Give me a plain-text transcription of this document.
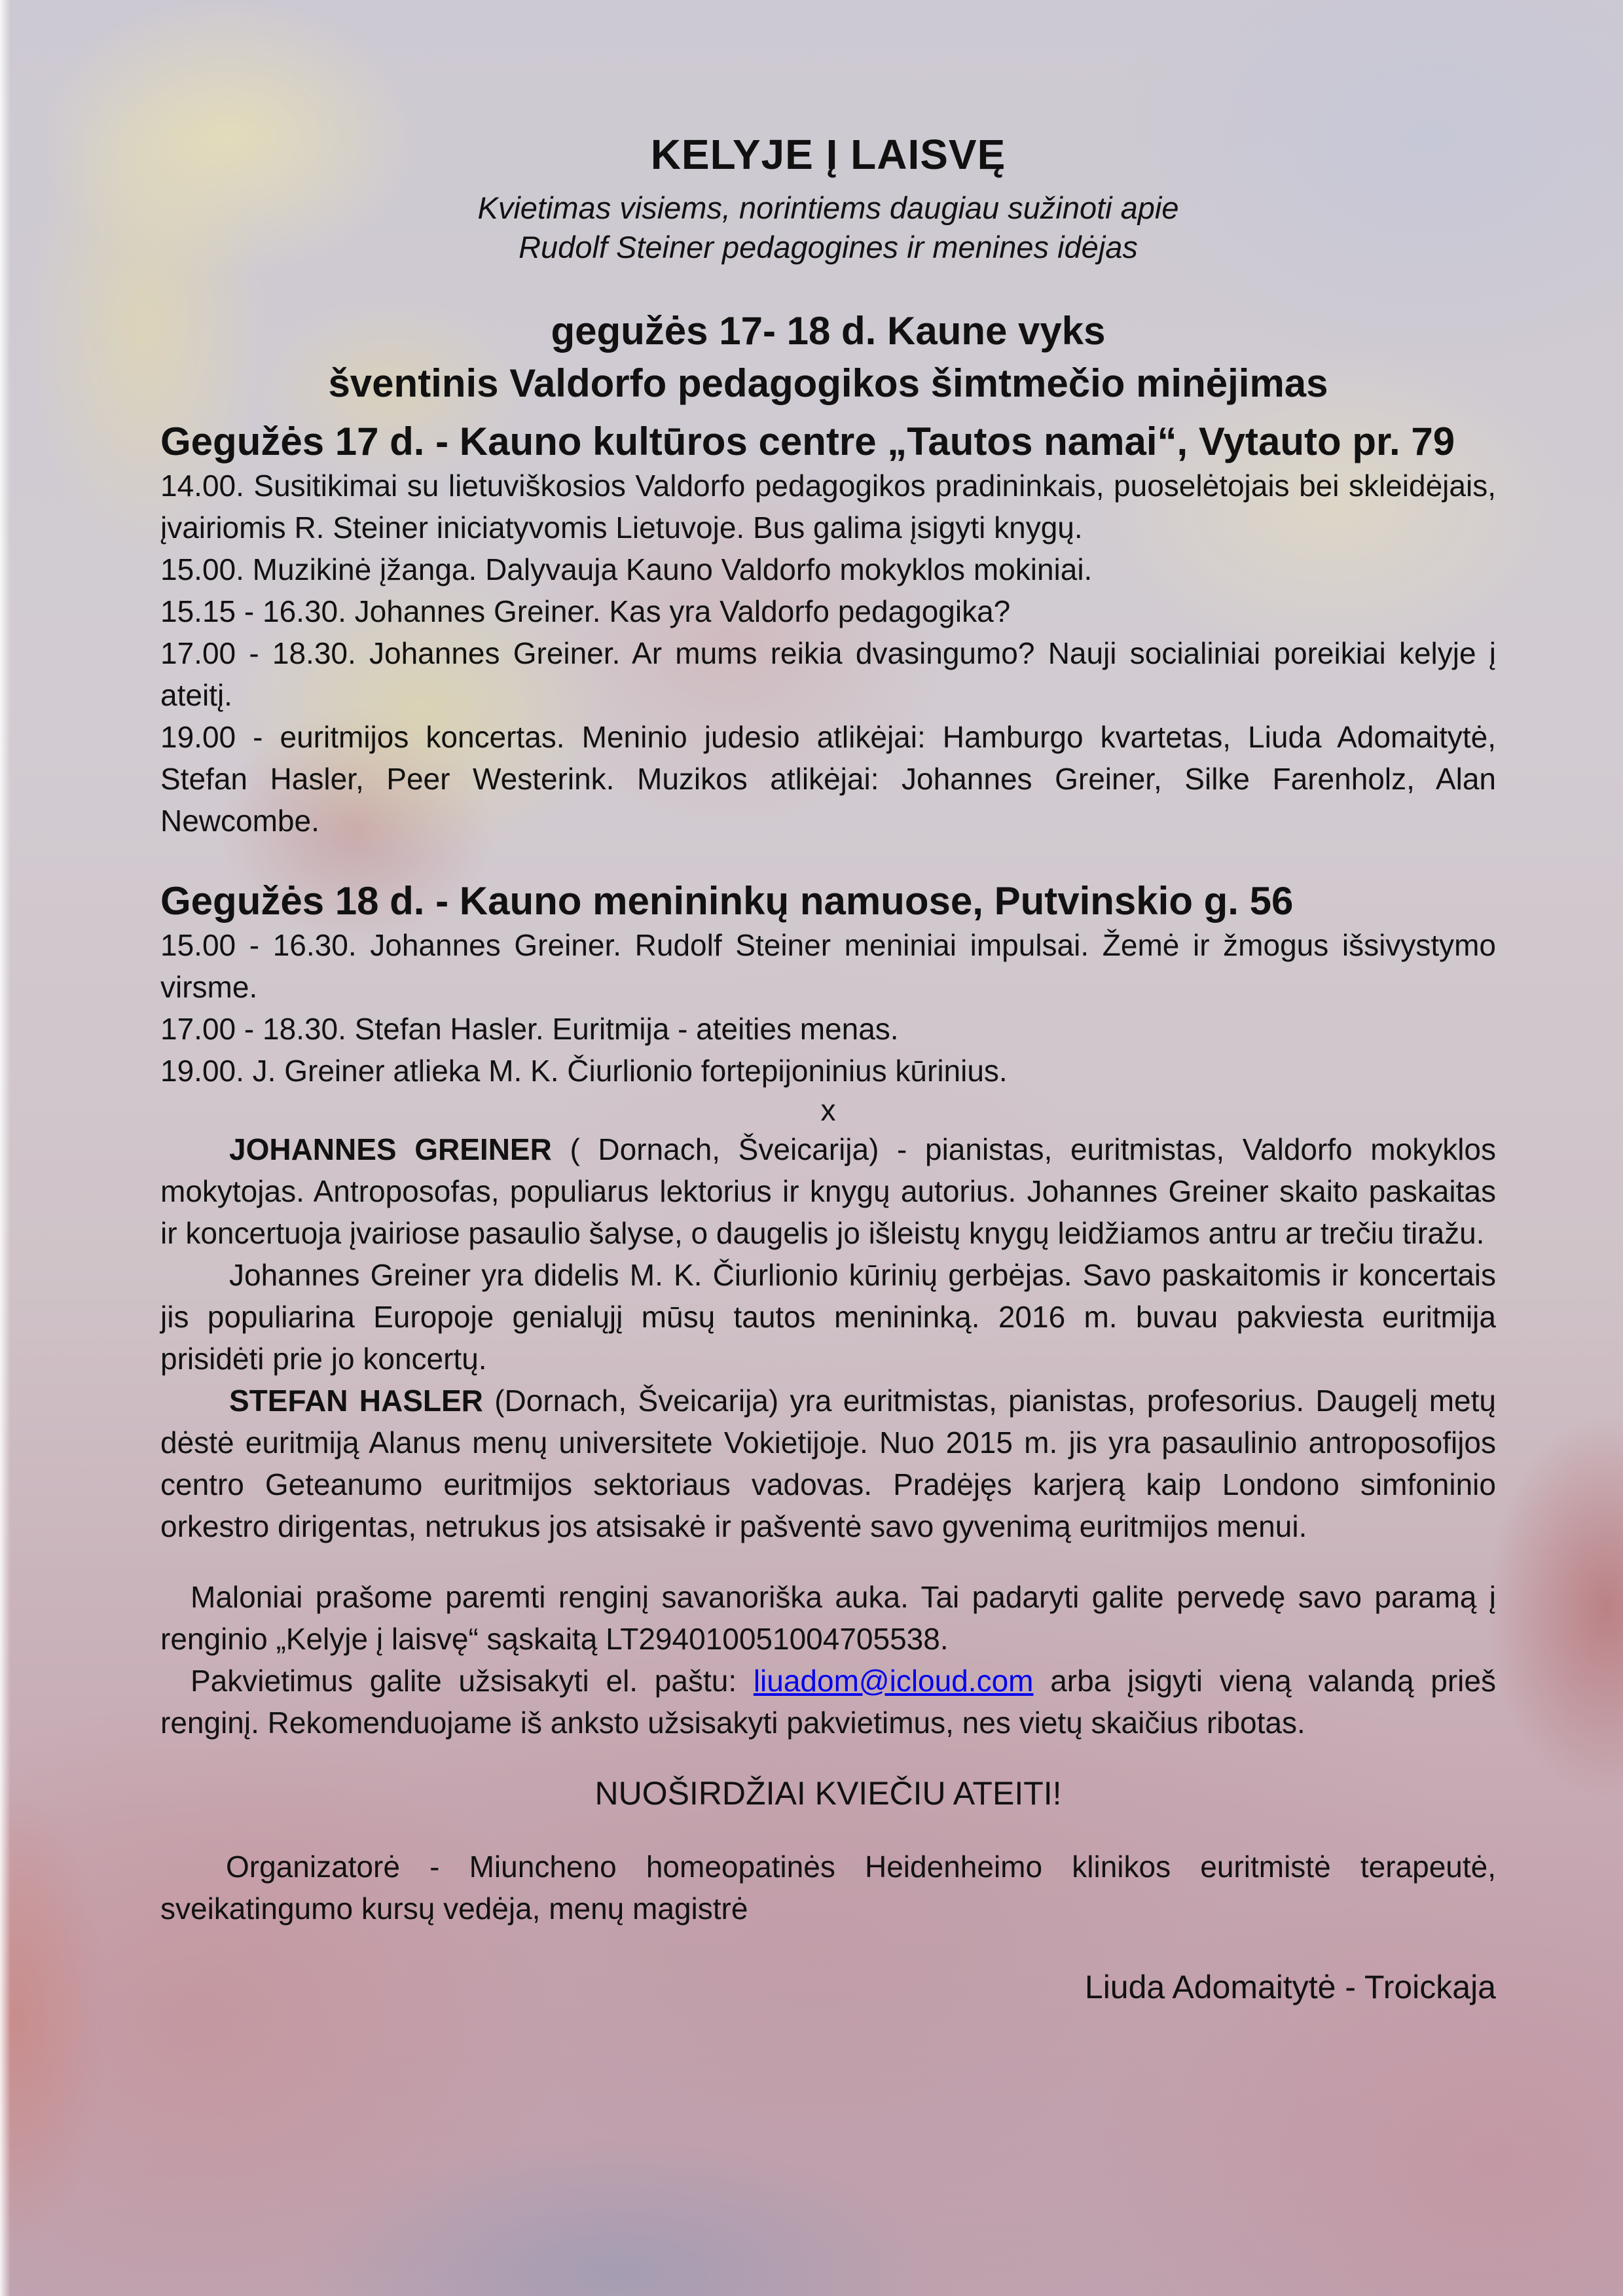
KELYJE Į LAISVĘ
Kvietimas visiems, norintiems daugiau sužinoti apie
Rudolf Steiner pedagogines ir menines idėjas
gegužės 17- 18 d. Kaune vyks
šventinis Valdorfo pedagogikos šimtmečio minėjimas
Gegužės 17 d. - Kauno kultūros centre „Tautos namai“, Vytauto pr. 79

14.00. Susitikimai su lietuviškosios Valdorfo pedagogikos pradininkais, puoselėtojais bei skleidėjais, įvairiomis R. Steiner iniciatyvomis Lietuvoje. Bus galima įsigyti knygų.

15.00. Muzikinė įžanga. Dalyvauja Kauno Valdorfo mokyklos mokiniai.

15.15 - 16.30. Johannes Greiner. Kas yra Valdorfo pedagogika?

17.00 - 18.30. Johannes Greiner. Ar mums reikia dvasingumo? Nauji socialiniai poreikiai kelyje į ateitį.

19.00 - euritmijos koncertas. Meninio judesio atlikėjai: Hamburgo kvartetas, Liuda Adomaitytė, Stefan Hasler, Peer Westerink. Muzikos atlikėjai: Johannes Greiner, Silke Farenholz, Alan Newcombe.

Gegužės 18 d. - Kauno menininkų namuose, Putvinskio g. 56

15.00 - 16.30. Johannes Greiner. Rudolf Steiner meniniai impulsai. Žemė ir žmogus išsivystymo virsme.

17.00 - 18.30. Stefan Hasler. Euritmija - ateities menas.

19.00. J. Greiner atlieka M. K. Čiurlionio fortepijoninius kūrinius.

x

JOHANNES GREINER ( Dornach, Šveicarija) - pianistas, euritmistas, Valdorfo mokyklos mokytojas. Antroposofas, populiarus lektorius ir knygų autorius. Johannes Greiner skaito paskaitas ir koncertuoja įvairiose pasaulio šalyse, o daugelis jo išleistų knygų leidžiamos antru ar trečiu tiražu.

Johannes Greiner yra didelis M. K. Čiurlionio kūrinių gerbėjas. Savo paskaitomis ir koncertais jis populiarina Europoje genialųjį mūsų tautos menininką. 2016 m. buvau pakviesta euritmija prisidėti prie jo koncertų.

STEFAN HASLER (Dornach, Šveicarija) yra euritmistas, pianistas, profesorius. Daugelį metų dėstė euritmiją Alanus menų universitete Vokietijoje. Nuo 2015 m. jis yra pasaulinio antroposofijos centro Geteanumo euritmijos sektoriaus vadovas. Pradėjęs karjerą kaip Londono simfoninio orkestro dirigentas, netrukus jos atsisakė ir pašventė savo gyvenimą euritmijos menui.

Maloniai prašome paremti renginį savanoriška auka. Tai padaryti galite pervedę savo paramą į renginio „Kelyje į laisvę“ sąskaitą LT294010051004705538.

Pakvietimus galite užsisakyti el. paštu: liuadom@icloud.com arba įsigyti vieną valandą prieš renginį. Rekomenduojame iš anksto užsisakyti pakvietimus, nes vietų skaičius ribotas.

NUOŠIRDŽIAI KVIEČIU ATEITI!

Organizatorė - Miuncheno homeopatinės Heidenheimo klinikos euritmistė terapeutė, sveikatingumo kursų vedėja, menų magistrė

Liuda Adomaitytė - Troickaja
